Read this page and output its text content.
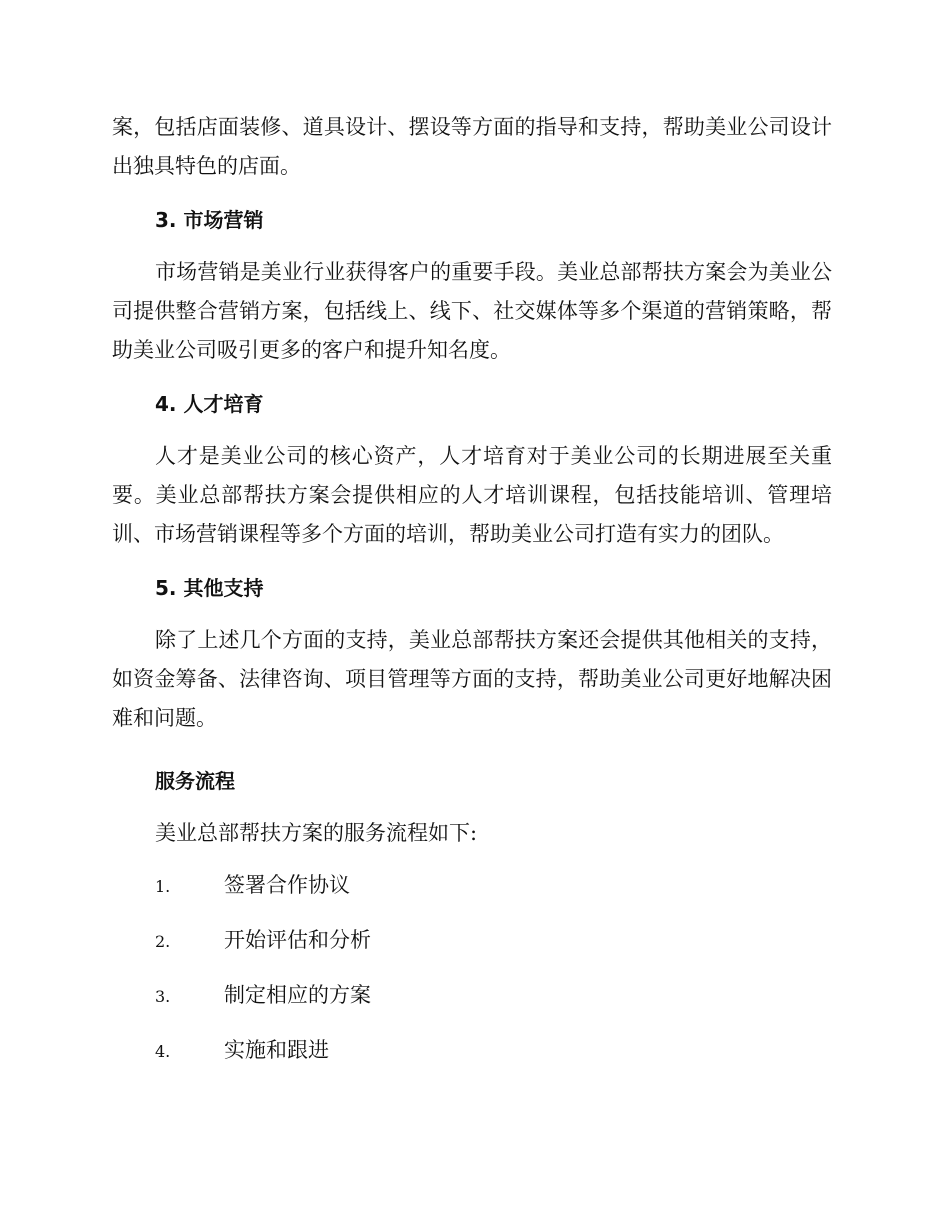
案，包括店面装修、道具设计、摆设等方面的指导和支持，帮助美业公司设计出独具特色的店面。

3. 市场营销

市场营销是美业行业获得客户的重要手段。美业总部帮扶方案会为美业公司提供整合营销方案，包括线上、线下、社交媒体等多个渠道的营销策略，帮助美业公司吸引更多的客户和提升知名度。

4. 人才培育

人才是美业公司的核心资产，人才培育对于美业公司的长期进展至关重要。美业总部帮扶方案会提供相应的人才培训课程，包括技能培训、管理培训、市场营销课程等多个方面的培训，帮助美业公司打造有实力的团队。

5. 其他支持

除了上述几个方面的支持，美业总部帮扶方案还会提供其他相关的支持，如资金筹备、法律咨询、项目管理等方面的支持，帮助美业公司更好地解决困难和问题。

服务流程

美业总部帮扶方案的服务流程如下:

1.	签署合作协议
2.	开始评估和分析
3.	制定相应的方案
4.	实施和跟进
